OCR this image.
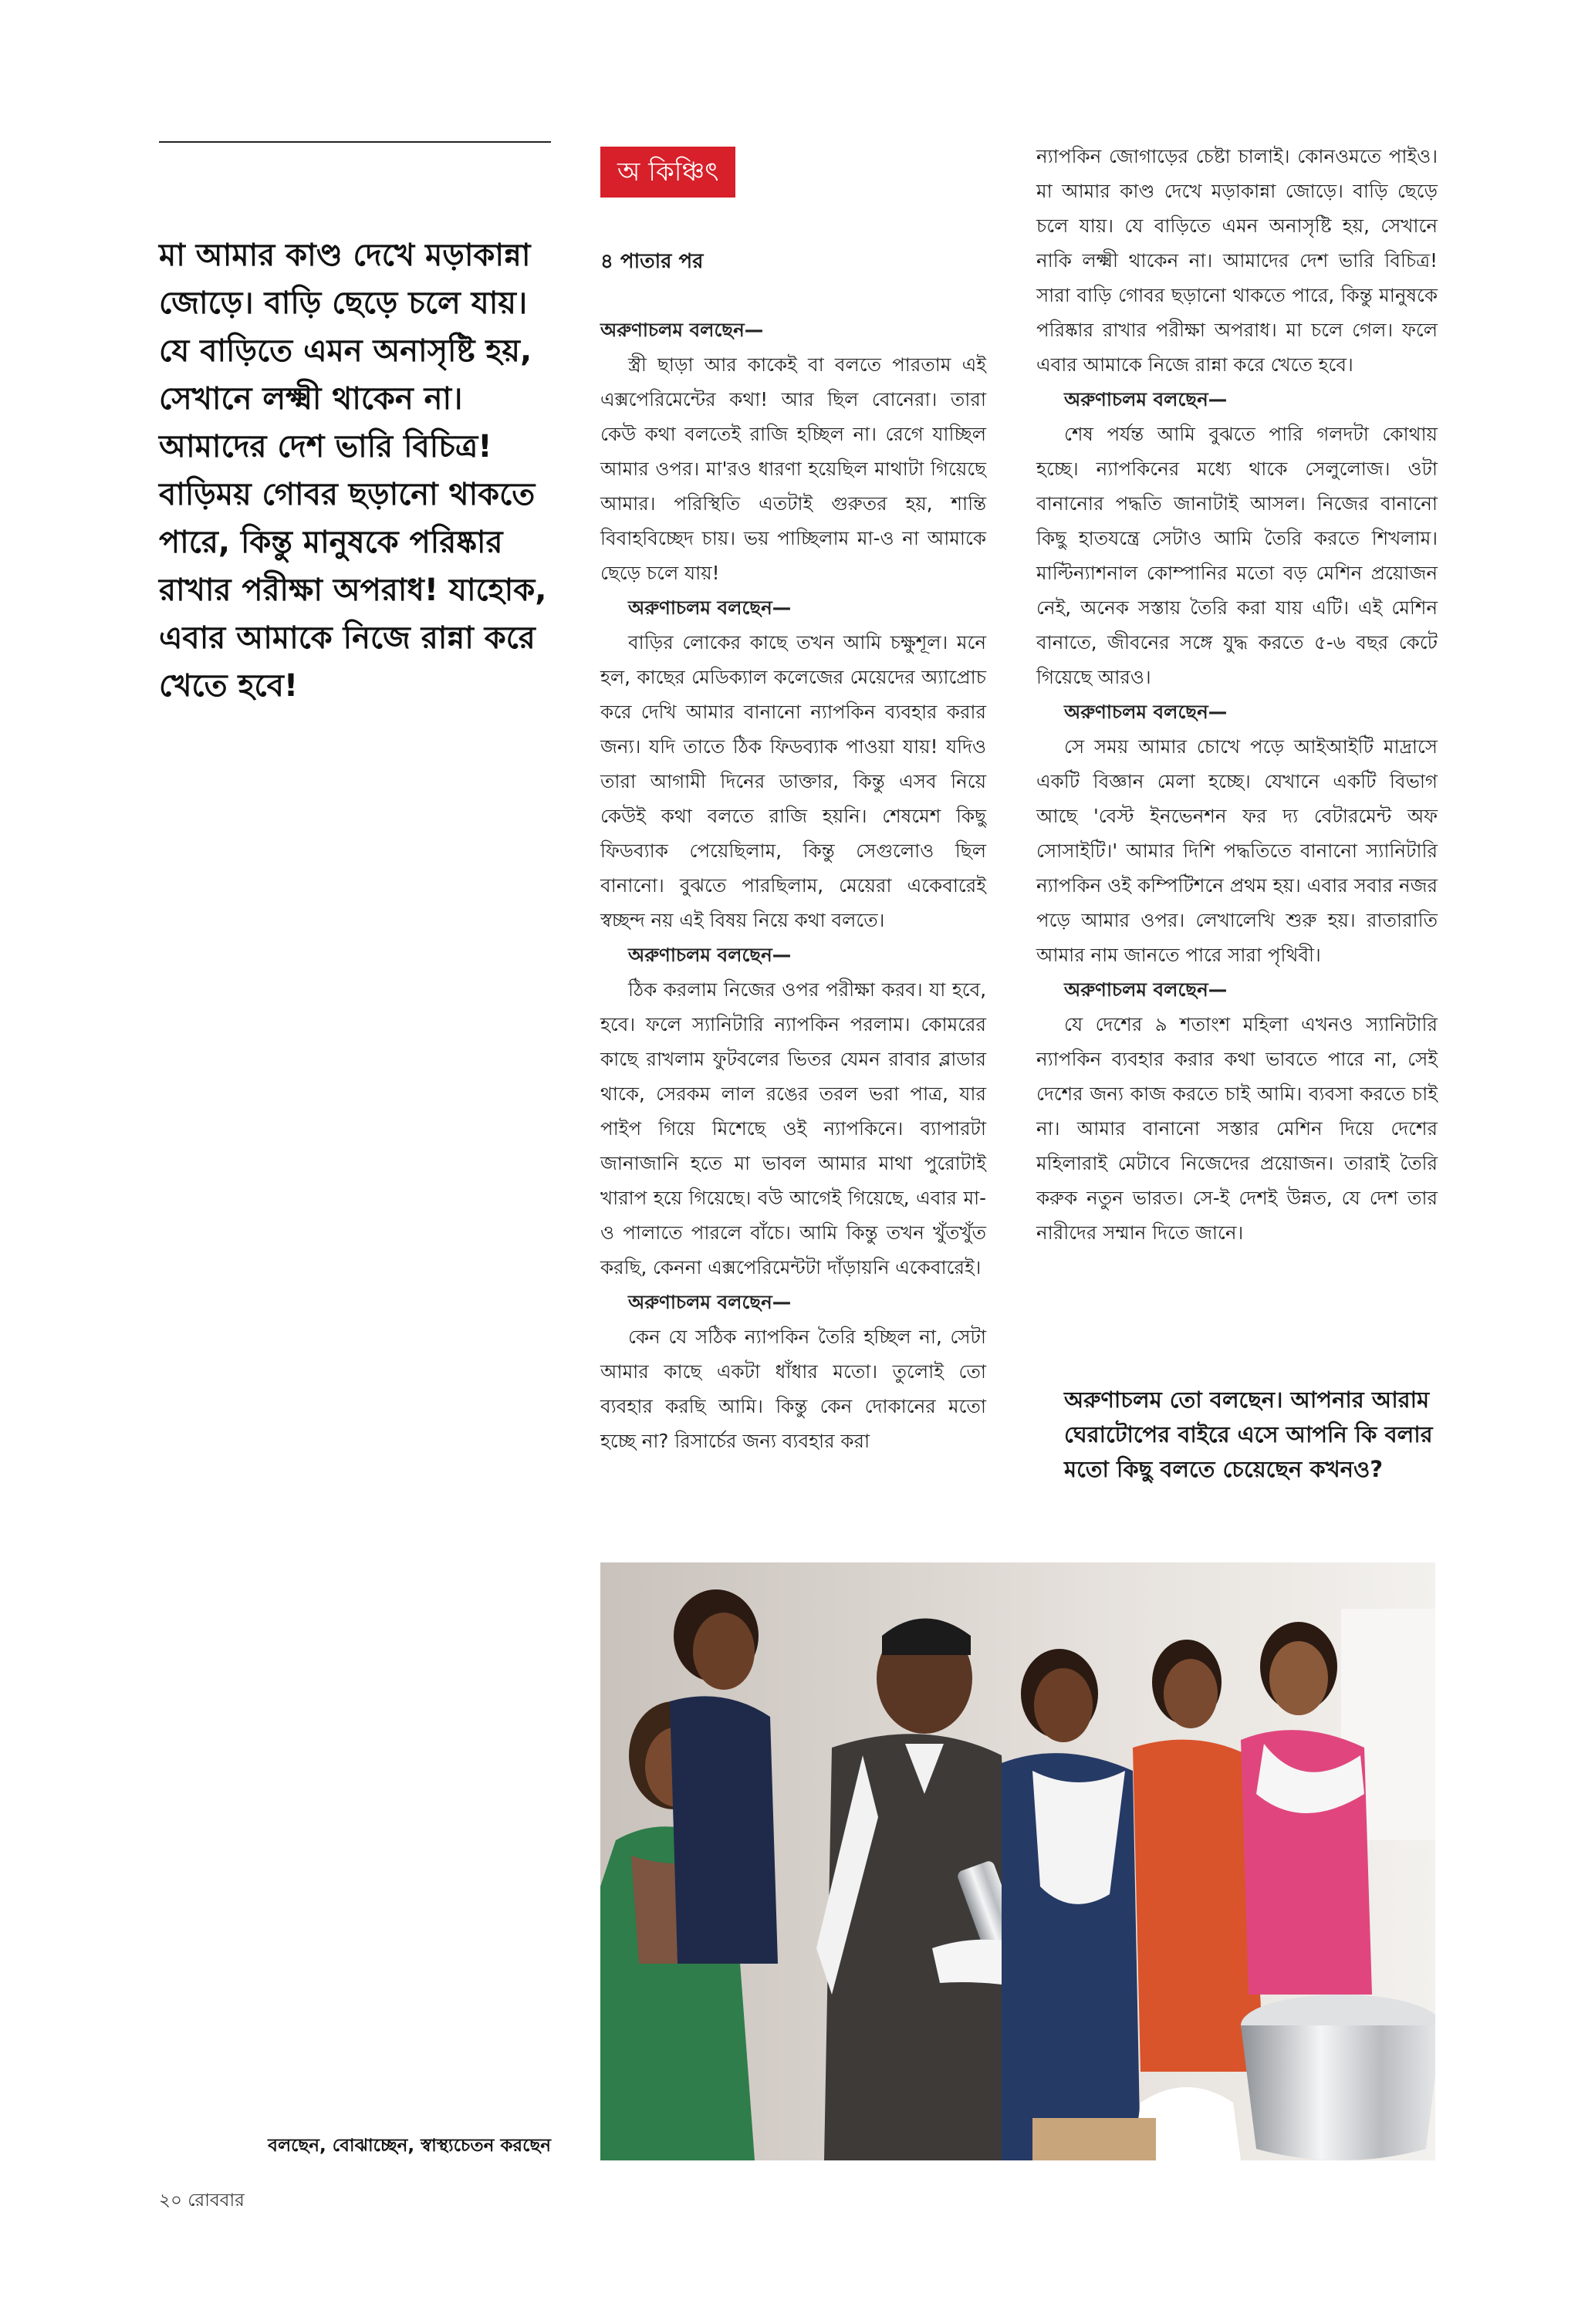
মা আমার কাণ্ড দেখে মড়াকান্না জোড়ে। বাড়ি ছেড়ে চলে যায়। যে বাড়িতে এমন অনাসৃষ্টি হয়, সেখানে লক্ষ্মী থাকেন না। আমাদের দেশ ভারি বিচিত্র! বাড়িময় গোবর ছড়ানো থাকতে পারে, কিন্তু মানুষকে পরিষ্কার রাখার পরীক্ষা অপরাধ! যাহোক, এবার আমাকে নিজে রান্না করে খেতে হবে!
অ কিঞ্চিৎ
৪ পাতার পর
অরুণাচলম বলছেন—

স্ত্রী ছাড়া আর কাকেই বা বলতে পারতাম এই এক্সপেরিমেন্টের কথা! আর ছিল বোনেরা। তারা কেউ কথা বলতেই রাজি হচ্ছিল না। রেগে যাচ্ছিল আমার ওপর। মা'রও ধারণা হয়েছিল মাথাটা গিয়েছে আমার। পরিস্থিতি এতটাই গুরুতর হয়, শান্তি বিবাহবিচ্ছেদ চায়। ভয় পাচ্ছিলাম মা-ও না আমাকে ছেড়ে চলে যায়!

অরুণাচলম বলছেন—

বাড়ির লোকের কাছে তখন আমি চক্ষুশূল। মনে হল, কাছের মেডিক্যাল কলেজের মেয়েদের অ্যাপ্রোচ করে দেখি আমার বানানো ন্যাপকিন ব্যবহার করার জন্য। যদি তাতে ঠিক ফিডব্যাক পাওয়া যায়! যদিও তারা আগামী দিনের ডাক্তার, কিন্তু এসব নিয়ে কেউই কথা বলতে রাজি হয়নি। শেষমেশ কিছু ফিডব্যাক পেয়েছিলাম, কিন্তু সেগুলোও ছিল বানানো। বুঝতে পারছিলাম, মেয়েরা একেবারেই স্বচ্ছন্দ নয় এই বিষয় নিয়ে কথা বলতে।

অরুণাচলম বলছেন—

ঠিক করলাম নিজের ওপর পরীক্ষা করব। যা হবে, হবে। ফলে স্যানিটারি ন্যাপকিন পরলাম। কোমরের কাছে রাখলাম ফুটবলের ভিতর যেমন রাবার ব্লাডার থাকে, সেরকম লাল রঙের তরল ভরা পাত্র, যার পাইপ গিয়ে মিশেছে ওই ন্যাপকিনে। ব্যাপারটা জানাজানি হতে মা ভাবল আমার মাথা পুরোটাই খারাপ হয়ে গিয়েছে। বউ আগেই গিয়েছে, এবার মা-ও পালাতে পারলে বাঁচে। আমি কিন্তু তখন খুঁতখুঁত করছি, কেননা এক্সপেরিমেন্টটা দাঁড়ায়নি একেবারেই।

অরুণাচলম বলছেন—

কেন যে সঠিক ন্যাপকিন তৈরি হচ্ছিল না, সেটা আমার কাছে একটা ধাঁধার মতো। তুলোই তো ব্যবহার করছি আমি। কিন্তু কেন দোকানের মতো হচ্ছে না? রিসার্চের জন্য ব্যবহার করা

ন্যাপকিন জোগাড়ের চেষ্টা চালাই। কোনওমতে পাইও। মা আমার কাণ্ড দেখে মড়াকান্না জোড়ে। বাড়ি ছেড়ে চলে যায়। যে বাড়িতে এমন অনাসৃষ্টি হয়, সেখানে নাকি লক্ষ্মী থাকেন না। আমাদের দেশ ভারি বিচিত্র! সারা বাড়ি গোবর ছড়ানো থাকতে পারে, কিন্তু মানুষকে পরিষ্কার রাখার পরীক্ষা অপরাধ। মা চলে গেল। ফলে এবার আমাকে নিজে রান্না করে খেতে হবে।

অরুণাচলম বলছেন—

শেষ পর্যন্ত আমি বুঝতে পারি গলদটা কোথায় হচ্ছে। ন্যাপকিনের মধ্যে থাকে সেলুলোজ। ওটা বানানোর পদ্ধতি জানাটাই আসল। নিজের বানানো কিছু হাতযন্ত্রে সেটাও আমি তৈরি করতে শিখলাম। মাল্টিন্যাশনাল কোম্পানির মতো বড় মেশিন প্রয়োজন নেই, অনেক সস্তায় তৈরি করা যায় এটি। এই মেশিন বানাতে, জীবনের সঙ্গে যুদ্ধ করতে ৫-৬ বছর কেটে গিয়েছে আরও।

অরুণাচলম বলছেন—

সে সময় আমার চোখে পড়ে আইআইটি মাদ্রাসে একটি বিজ্ঞান মেলা হচ্ছে। যেখানে একটি বিভাগ আছে 'বেস্ট ইনভেনশন ফর দ্য বেটারমেন্ট অফ সোসাইটি।' আমার দিশি পদ্ধতিতে বানানো স্যানিটারি ন্যাপকিন ওই কম্পিটিশনে প্রথম হয়। এবার সবার নজর পড়ে আমার ওপর। লেখালেখি শুরু হয়। রাতারাতি আমার নাম জানতে পারে সারা পৃথিবী।

অরুণাচলম বলছেন—

যে দেশের ৯ শতাংশ মহিলা এখনও স্যানিটারি ন্যাপকিন ব্যবহার করার কথা ভাবতে পারে না, সেই দেশের জন্য কাজ করতে চাই আমি। ব্যবসা করতে চাই না। আমার বানানো সস্তার মেশিন দিয়ে দেশের মহিলারাই মেটাবে নিজেদের প্রয়োজন। তারাই তৈরি করুক নতুন ভারত। সে-ই দেশই উন্নত, যে দেশ তার নারীদের সম্মান দিতে জানে।

অরুণাচলম তো বলছেন। আপনার আরাম ঘেরাটোপের বাইরে এসে আপনি কি বলার মতো কিছু বলতে চেয়েছেন কখনও?
বলছেন, বোঝাচ্ছেন, স্বাস্থ্যচেতন করছেন
২০ রোববার
